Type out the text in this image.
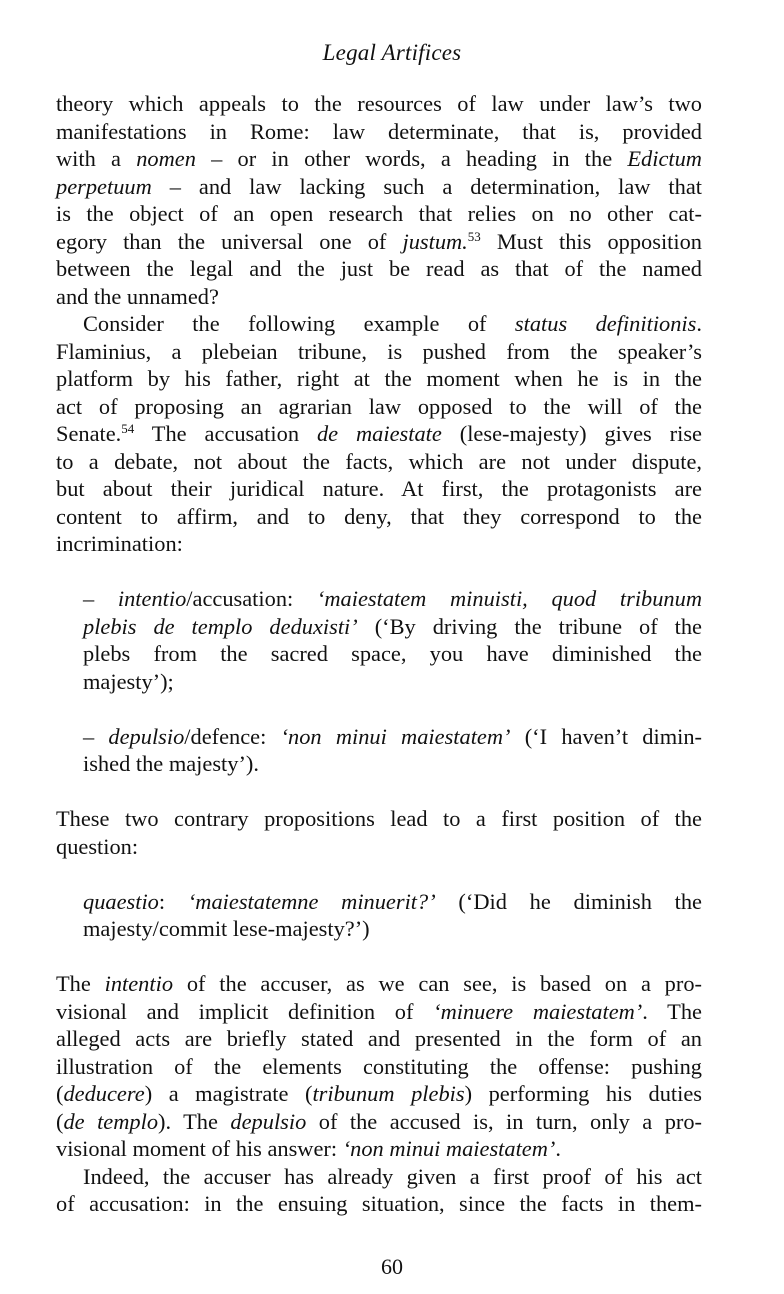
Legal Artifices
theory which appeals to the resources of law under law’s two
manifestations in Rome: law determinate, that is, provided
with a nomen – or in other words, a heading in the Edictum
perpetuum – and law lacking such a determination, law that
is the object of an open research that relies on no other cat-
egory than the universal one of justum.$^{53}$ Must this opposition
between the legal and the just be read as that of the named
and the unnamed?
Consider the following example of status definitionis.
Flaminius, a plebeian tribune, is pushed from the speaker’s
platform by his father, right at the moment when he is in the
act of proposing an agrarian law opposed to the will of the
Senate.$^{54}$ The accusation de maiestate (lese-majesty) gives rise
to a debate, not about the facts, which are not under dispute,
but about their juridical nature. At first, the protagonists are
content to affirm, and to deny, that they correspond to the
incrimination:
– intentio/accusation: ‘maiestatem minuisti, quod tribunum
plebis de templo deduxisti’ (‘By driving the tribune of the
plebs from the sacred space, you have diminished the
majesty’);
– depulsio/defence: ‘non minui maiestatem’ (‘I haven’t dimin-
ished the majesty’).
These two contrary propositions lead to a first position of the
question:
quaestio: ‘maiestatemne minuerit?’ (‘Did he diminish the
majesty/commit lese-majesty?’)
The intentio of the accuser, as we can see, is based on a pro-
visional and implicit definition of ‘minuere maiestatem’. The
alleged acts are briefly stated and presented in the form of an
illustration of the elements constituting the offense: pushing
(deducere) a magistrate (tribunum plebis) performing his duties
(de templo). The depulsio of the accused is, in turn, only a pro-
visional moment of his answer: ‘non minui maiestatem’.
Indeed, the accuser has already given a first proof of his act
of accusation: in the ensuing situation, since the facts in them-
60
